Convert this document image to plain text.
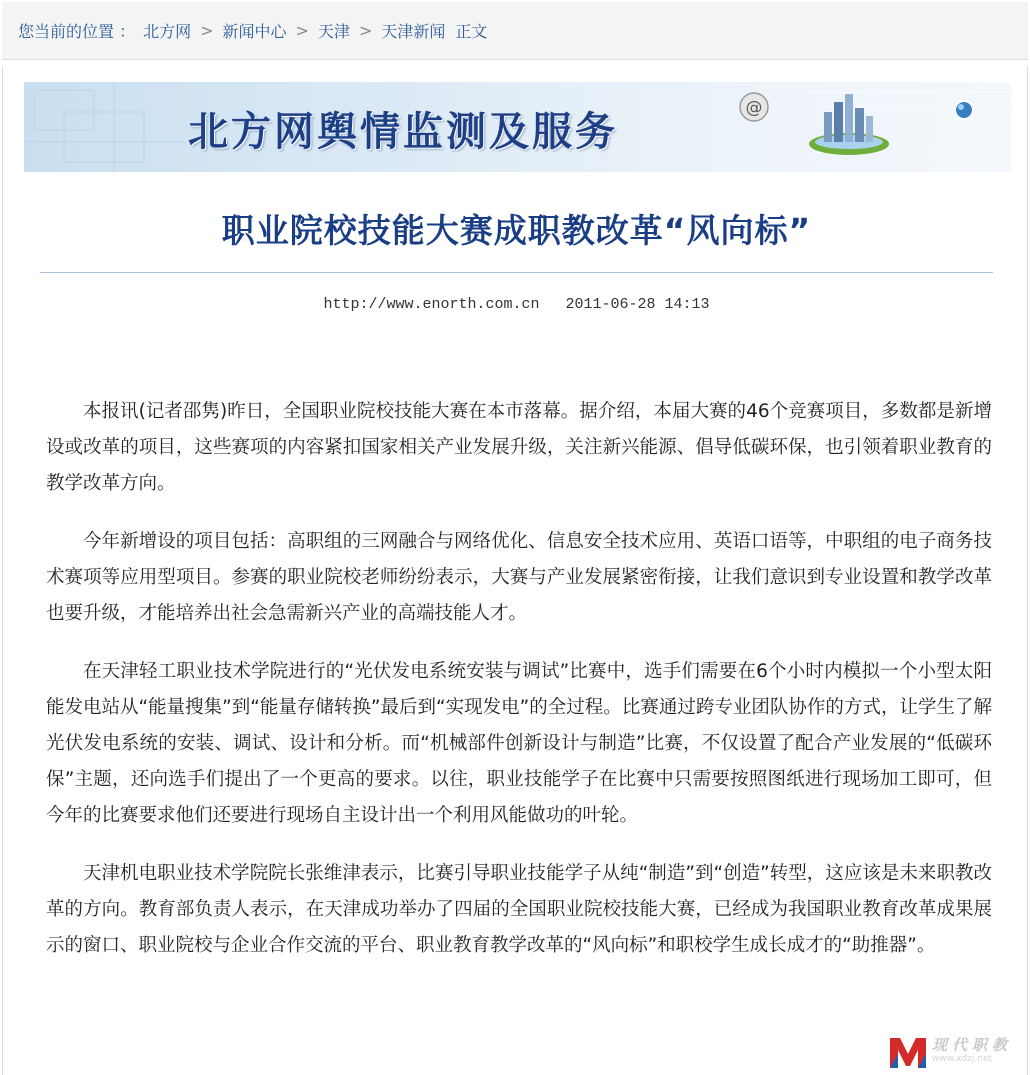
您当前的位置 ： 北方网 > 新闻中心 > 天津 > 天津新闻 正文
@
北方网舆情监测及服务
职业院校技能大赛成职教改革“风向标”
http://www.enorth.com.cn 2011-06-28 14:13

本报讯(记者邵隽)昨日，全国职业院校技能大赛在本市落幕。据介绍，本届大赛的46个竞赛项目，多数都是新增设或改革的项目，这些赛项的内容紧扣国家相关产业发展升级，关注新兴能源、倡导低碳环保，也引领着职业教育的教学改革方向。

今年新增设的项目包括：高职组的三网融合与网络优化、信息安全技术应用、英语口语等，中职组的电子商务技术赛项等应用型项目。参赛的职业院校老师纷纷表示，大赛与产业发展紧密衔接，让我们意识到专业设置和教学改革也要升级，才能培养出社会急需新兴产业的高端技能人才。

在天津轻工职业技术学院进行的“光伏发电系统安装与调试”比赛中，选手们需要在6个小时内模拟一个小型太阳能发电站从“能量搜集”到“能量存储转换”最后到“实现发电”的全过程。比赛通过跨专业团队协作的方式，让学生了解光伏发电系统的安装、调试、设计和分析。而“机械部件创新设计与制造”比赛，不仅设置了配合产业发展的“低碳环保”主题，还向选手们提出了一个更高的要求。以往，职业技能学子在比赛中只需要按照图纸进行现场加工即可，但今年的比赛要求他们还要进行现场自主设计出一个利用风能做功的叶轮。

天津机电职业技术学院院长张维津表示，比赛引导职业技能学子从纯“制造”到“创造”转型，这应该是未来职教改革的方向。教育部负责人表示，在天津成功举办了四届的全国职业院校技能大赛，已经成为我国职业教育改革成果展示的窗口、职业院校与企业合作交流的平台、职业教育教学改革的“风向标”和职校学生成长成才的“助推器”。

现代职教
www.xdzj.net
